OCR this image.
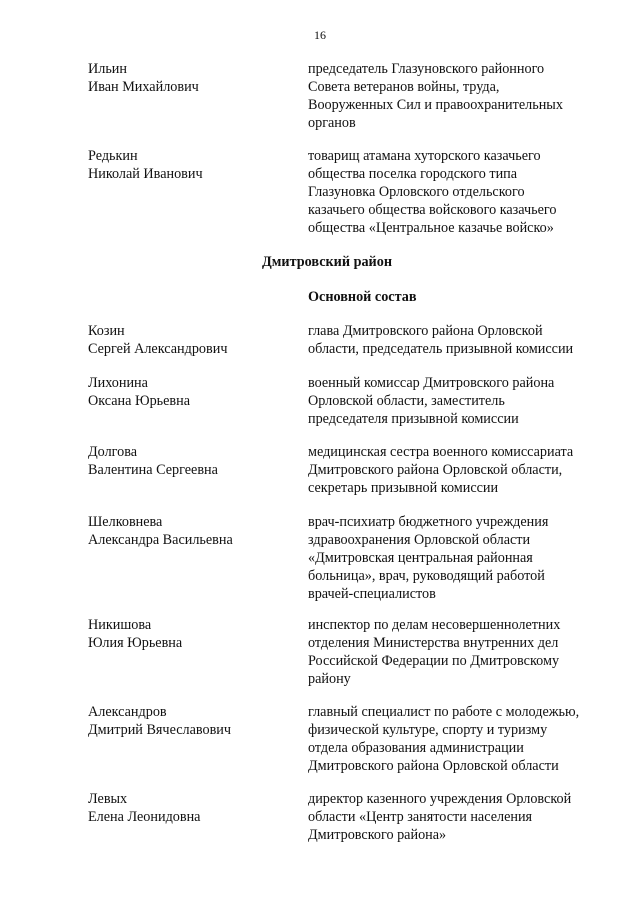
16
Ильин
Иван Михайлович
председатель Глазуновского районного
Совета ветеранов войны, труда,
Вооруженных Сил и правоохранительных
органов
Редькин
Николай Иванович
товарищ атамана хуторского казачьего
общества поселка городского типа
Глазуновка Орловского отдельского
казачьего общества войскового казачьего
общества «Центральное казачье войско»
Дмитровский район
Основной состав
Козин
Сергей Александрович
глава Дмитровского района Орловской
области, председатель призывной комиссии
Лихонина
Оксана Юрьевна
военный комиссар Дмитровского района
Орловской области, заместитель
председателя призывной комиссии
Долгова
Валентина Сергеевна
медицинская сестра военного комиссариата
Дмитровского района Орловской области,
секретарь призывной комиссии
Шелковнева
Александра Васильевна
врач-психиатр бюджетного учреждения
здравоохранения Орловской области
«Дмитровская центральная районная
больница», врач, руководящий работой
врачей-специалистов
Никишова
Юлия Юрьевна
инспектор по делам несовершеннолетних
отделения Министерства внутренних дел
Российской Федерации по Дмитровскому
району
Александров
Дмитрий Вячеславович
главный специалист по работе с молодежью,
физической культуре, спорту и туризму
отдела образования администрации
Дмитровского района Орловской области
Левых
Елена Леонидовна
директор казенного учреждения Орловской
области «Центр занятости населения
Дмитровского района»
